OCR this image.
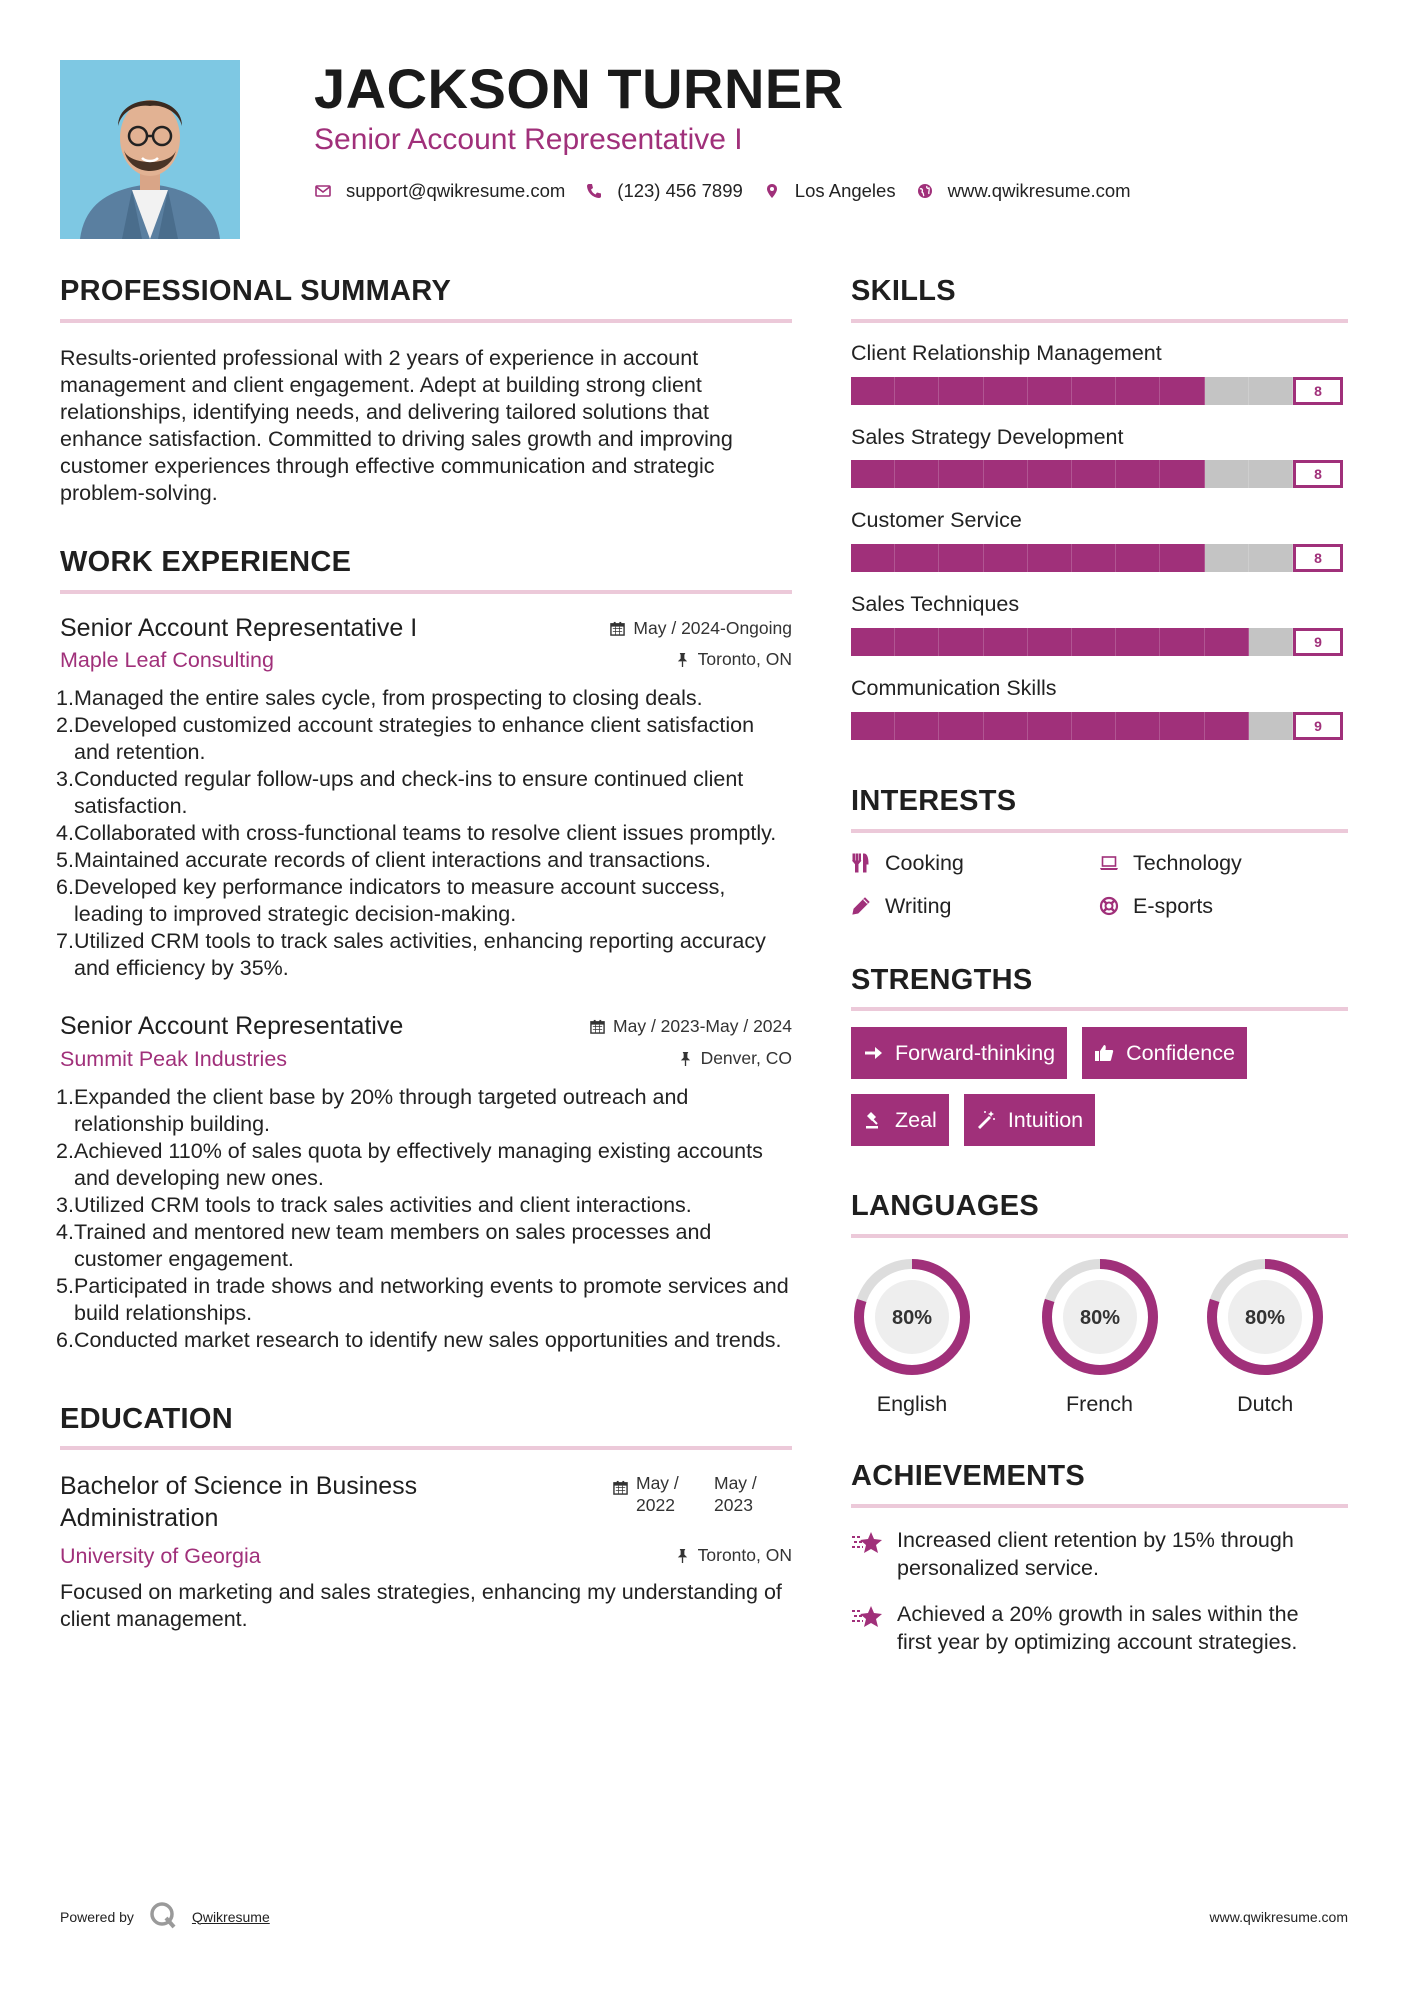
JACKSON TURNER
Senior Account Representative I
support@qwikresume.com	(123) 456 7899	Los Angeles	www.qwikresume.com
PROFESSIONAL SUMMARY

Results-oriented professional with 2 years of experience in account management and client engagement. Adept at building strong client relationships, identifying needs, and delivering tailored solutions that enhance satisfaction. Committed to driving sales growth and improving customer experiences through effective communication and strategic problem-solving.

WORK EXPERIENCE
Senior Account Representative I	May / 2024-Ongoing
Maple Leaf Consulting	Toronto, ON
1. Managed the entire sales cycle, from prospecting to closing deals.
2. Developed customized account strategies to enhance client satisfaction and retention.
3. Conducted regular follow-ups and check-ins to ensure continued client satisfaction.
4. Collaborated with cross-functional teams to resolve client issues promptly.
5. Maintained accurate records of client interactions and transactions.
6. Developed key performance indicators to measure account success, leading to improved strategic decision-making.
7. Utilized CRM tools to track sales activities, enhancing reporting accuracy and efficiency by 35%.
Senior Account Representative	May / 2023-May / 2024
Summit Peak Industries	Denver, CO
1. Expanded the client base by 20% through targeted outreach and relationship building.
2. Achieved 110% of sales quota by effectively managing existing accounts and developing new ones.
3. Utilized CRM tools to track sales activities and client interactions.
4. Trained and mentored new team members on sales processes and customer engagement.
5. Participated in trade shows and networking events to promote services and build relationships.
6. Conducted market research to identify new sales opportunities and trends.
EDUCATION
Bachelor of Science in Business Administration
May / 2022
May / 2023
University of Georgia	Toronto, ON

Focused on marketing and sales strategies, enhancing my understanding of client management.

SKILLS
Client Relationship Management
8
Sales Strategy Development
8
Customer Service
8
Sales Techniques
9
Communication Skills
9
INTERESTS
Cooking	Technology
Writing	E-sports
STRENGTHS
Forward-thinking	Confidence
Zeal	Intuition
LANGUAGES
80%
English
80%
French
80%
Dutch
ACHIEVEMENTS
Increased client retention by 15% through personalized service.
Achieved a 20% growth in sales within the first year by optimizing account strategies.
Powered by	Qwikresume	www.qwikresume.com
